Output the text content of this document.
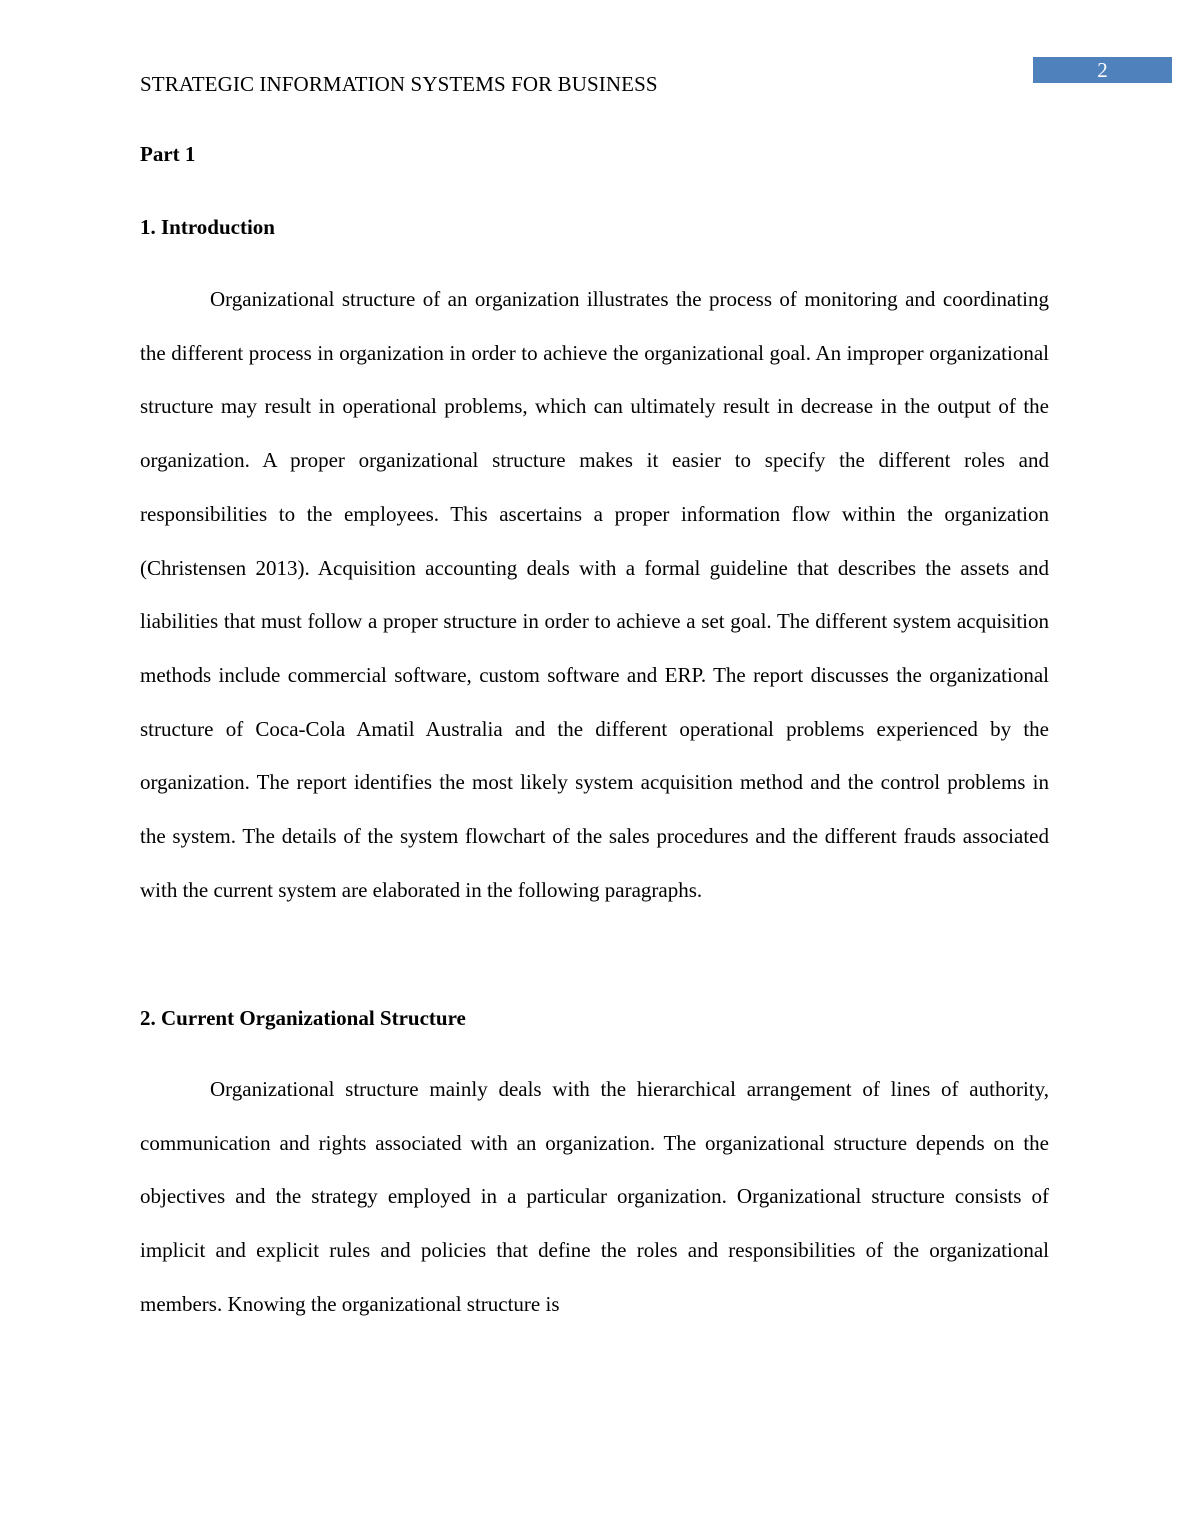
STRATEGIC INFORMATION SYSTEMS FOR BUSINESS
2
Part 1
1. Introduction

Organizational structure of an organization illustrates the process of monitoring and coordinating the different process in organization in order to achieve the organizational goal. An improper organizational structure may result in operational problems, which can ultimately result in decrease in the output of the organization. A proper organizational structure makes it easier to specify the different roles and responsibilities to the employees. This ascertains a proper information flow within the organization (Christensen 2013). Acquisition accounting deals with a formal guideline that describes the assets and liabilities that must follow a proper structure in order to achieve a set goal. The different system acquisition methods include commercial software, custom software and ERP. The report discusses the organizational structure of Coca-Cola Amatil Australia and the different operational problems experienced by the organization. The report identifies the most likely system acquisition method and the control problems in the system. The details of the system flowchart of the sales procedures and the different frauds associated with the current system are elaborated in the following paragraphs.

2. Current Organizational Structure

Organizational structure mainly deals with the hierarchical arrangement of lines of authority, communication and rights associated with an organization. The organizational structure depends on the objectives and the strategy employed in a particular organization. Organizational structure consists of implicit and explicit rules and policies that define the roles and responsibilities of the organizational members. Knowing the organizational structure is
